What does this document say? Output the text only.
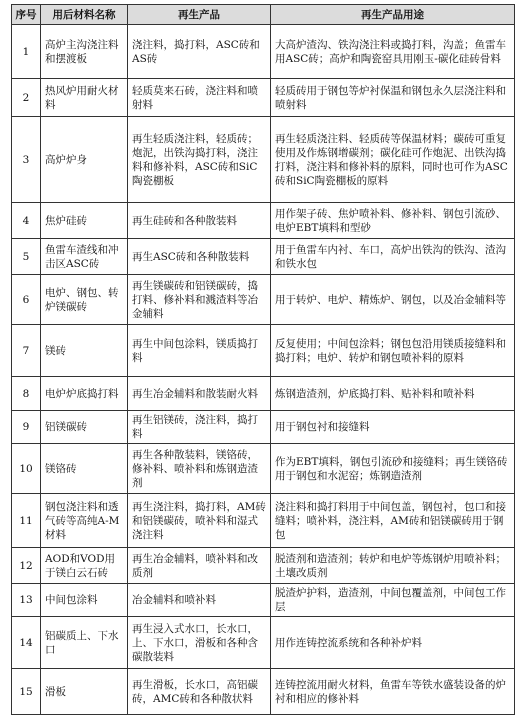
序号	用后材料名称	再生产品	再生产品用途
1	高炉主沟浇注料和摆渡板	浇注料，捣打料，ASC砖和AS砖	大高炉渣沟、铁沟浇注料或捣打料，沟盖；鱼雷车用ASC砖；高炉和陶瓷窑具用刚玉-碳化硅砖骨料
2	热风炉用耐火材料	轻质莫来石砖，浇注料和喷射料	轻质砖用于钢包等炉衬保温和钢包永久层浇注料和喷射料
3	高炉炉身	再生轻质浇注料，轻质砖；炮泥，出铁沟捣打料，浇注料和修补料，ASC砖和SiC陶瓷棚板	再生轻质浇注料、轻质砖等保温材料；碳砖可重复使用及作炼钢增碳剂；碳化硅可作炮泥、出铁沟捣打料，浇注料和修补料的原料，同时也可作为ASC砖和SiC陶瓷棚板的原料
4	焦炉硅砖	再生硅砖和各种散装料	用作架子砖、焦炉喷补料、修补料、钢包引流砂、电炉EBT填料和型砂
5	鱼雷车渣线和冲击区ASC砖	再生ASC砖和各种散装料	用于鱼雷车内衬、车口，高炉出铁沟的铁沟、渣沟和铁水包
6	电炉、钢包、转炉镁碳砖	再生镁碳砖和铝镁碳砖，捣打料、修补料和溅渣料等冶金辅料	用于转炉、电炉、精炼炉、钢包，以及冶金辅料等
7	镁砖	再生中间包涂料，镁质捣打料	反复使用；中间包涂料；钢包包沿用镁质接缝料和捣打料；电炉、转炉和钢包喷补料的原料
8	电炉炉底捣打料	再生冶金辅料和散装耐火料	炼钢造渣剂，炉底捣打料、贴补料和喷补料
9	铝镁碳砖	再生铝镁砖，浇注料，捣打料	用于钢包衬和接缝料
10	镁铬砖	再生各种散装料，镁铬砖，修补料、喷补料和炼钢造渣剂	作为EBT填料，钢包引流砂和接缝料；再生镁铬砖用于钢包和水泥窑；炼钢造渣剂
11	钢包浇注料和透气砖等高纯A-M材料	再生浇注料，捣打料，AM砖和铝镁碳砖，喷补料和湿式浇注料	浇注料和捣打料用于中间包盖，钢包衬，包口和接缝料；喷补料，浇注料，AM砖和铝镁碳砖用于钢包
12	AOD和VOD用于镁白云石砖	再生冶金辅料，喷补料和改质剂	脱渣剂和造渣剂；转炉和电炉等炼钢炉用喷补料；土壤改质剂
13	中间包涂料	冶金辅料和喷补料	脱渣炉护料，造渣剂，中间包覆盖剂，中间包工作层
14	铝碳质上、下水口	再生浸入式水口，长水口，上、下水口，滑板和各种含碳散装料	用作连铸控流系统和各种补炉料
15	滑板	再生滑板，长水口，高铝碳砖，AMC砖和各种散状料	连铸控流用耐火材料，鱼雷车等铁水盛装设备的炉衬和相应的修补料
